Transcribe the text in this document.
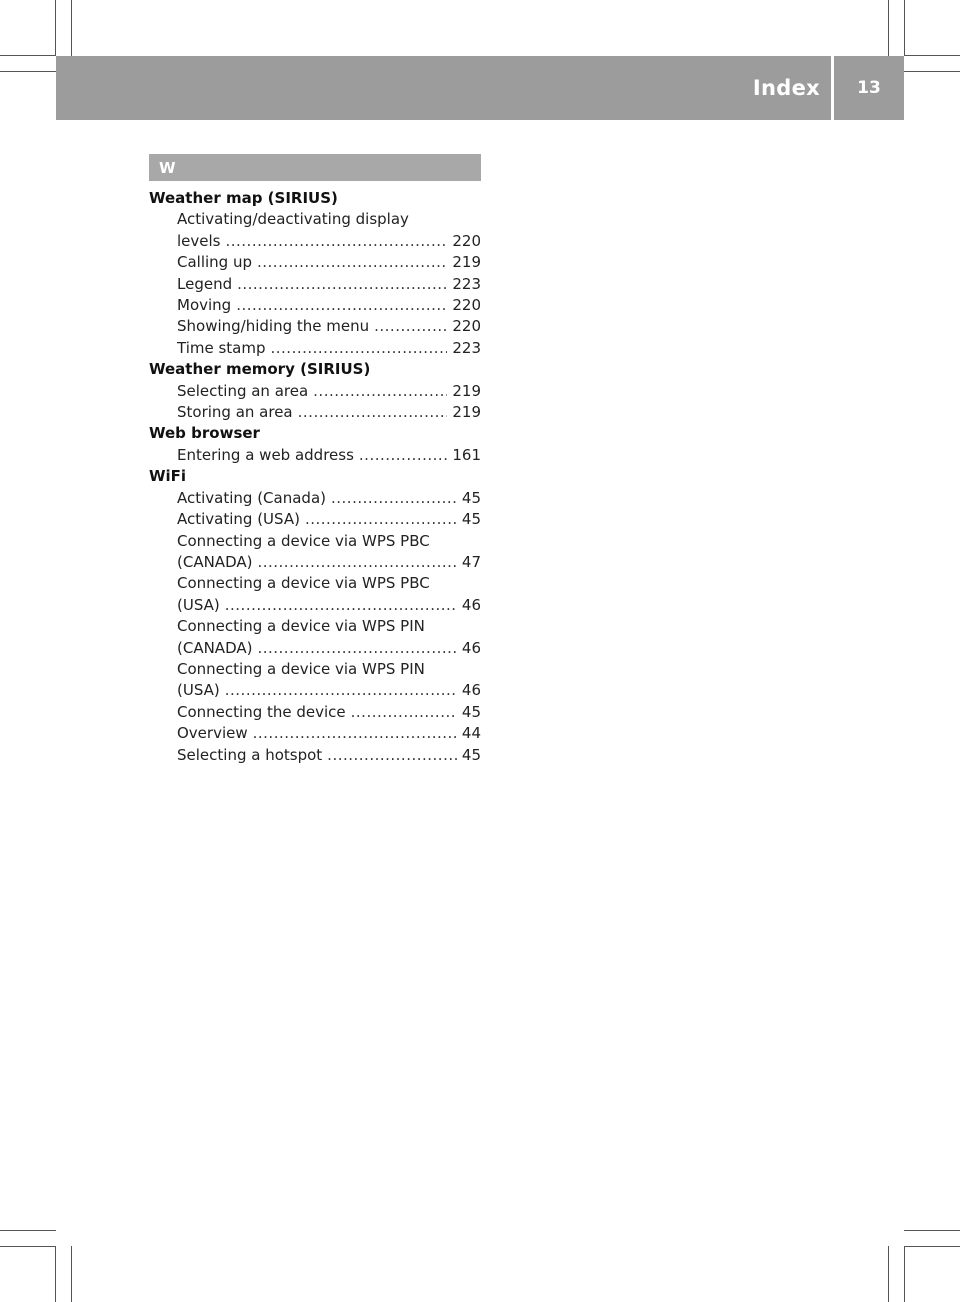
Index	13
W
Weather map (SIRIUS)
Activating/deactivating display
levels .....	220
Calling up .....	219
Legend .....	223
Moving .....	220
Showing/hiding the menu .....	220
Time stamp .....	223
Weather memory (SIRIUS)
Selecting an area .....	219
Storing an area .....	219
Web browser
Entering a web address .....	161
WiFi
Activating (Canada) .....	45
Activating (USA) .....	45
Connecting a device via WPS PBC
(CANADA) .....	47
Connecting a device via WPS PBC
(USA) .....	46
Connecting a device via WPS PIN
(CANADA) .....	46
Connecting a device via WPS PIN
(USA) .....	46
Connecting the device .....	45
Overview .....	44
Selecting a hotspot .....	45
